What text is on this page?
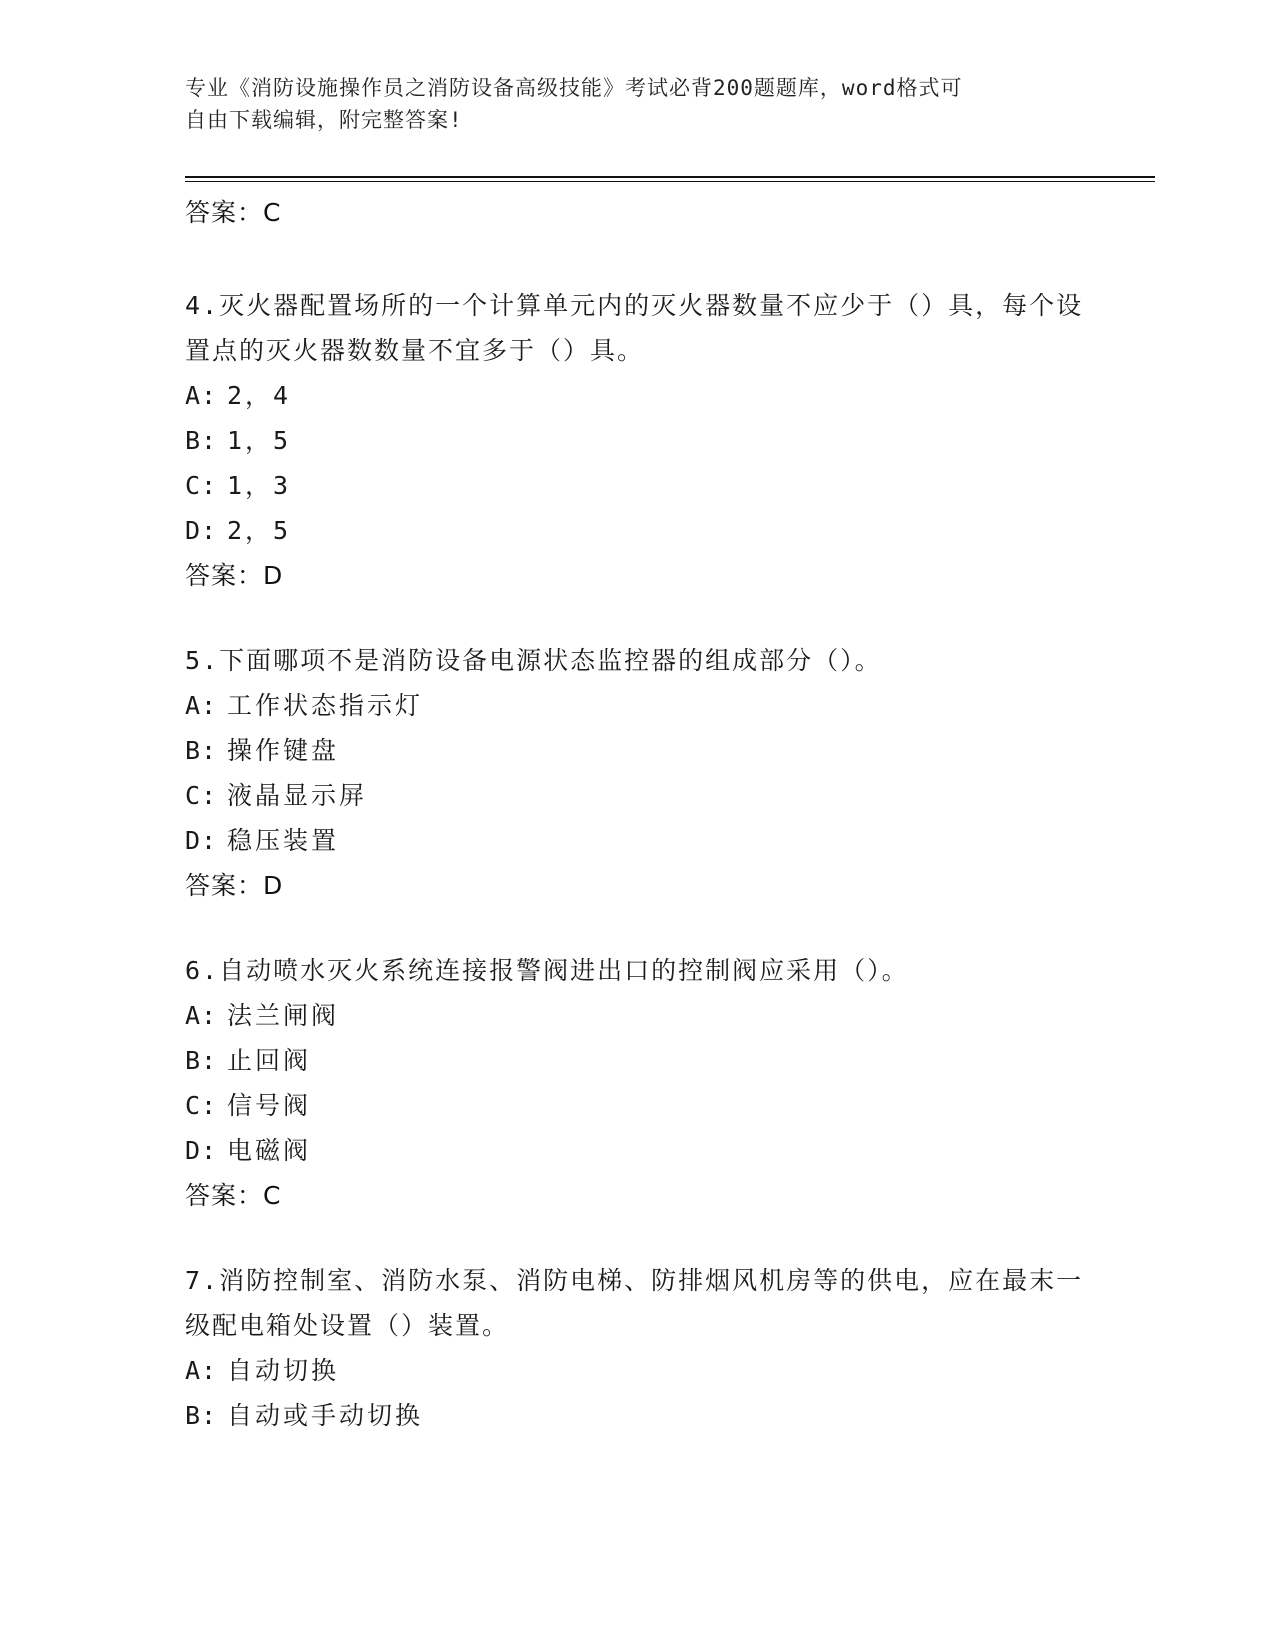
专业《消防设施操作员之消防设备高级技能》考试必背200题题库，word格式可
自由下载编辑，附完整答案!
答案：C
4.灭火器配置场所的一个计算单元内的灭火器数量不应少于（）具，每个设置点的灭火器数数量不宜多于（）具。
A: 2，4
B: 1，5
C: 1，3
D: 2，5
答案：D
5.下面哪项不是消防设备电源状态监控器的组成部分（）。
A: 工作状态指示灯
B: 操作键盘
C: 液晶显示屏
D: 稳压装置
答案：D
6.自动喷水灭火系统连接报警阀进出口的控制阀应采用（）。
A: 法兰闸阀
B: 止回阀
C: 信号阀
D: 电磁阀
答案：C
7.消防控制室、消防水泵、消防电梯、防排烟风机房等的供电，应在最末一级配电箱处设置（）装置。
A: 自动切换
B: 自动或手动切换
